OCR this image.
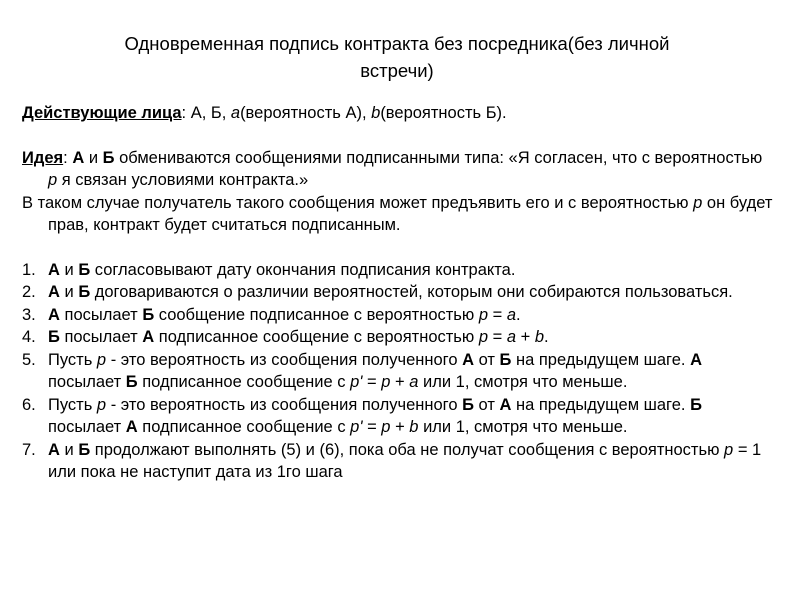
Одновременная подпись контракта без посредника(без личной
встречи)

Действующие лица: А, Б, a(вероятность А), b(вероятность Б).

Идея: А и Б обмениваются сообщениями подписанными типа: «Я согласен, что с вероятностью p я связан условиями контракта.»

В таком случае получатель такого сообщения может предъявить его и с вероятностью p он будет прав, контракт будет считаться подписанным.

1. А и Б согласовывают дату окончания подписания контракта.
2. А и Б договариваются о различии вероятностей, которым они собираются пользоваться.
3. А посылает Б сообщение подписанное с вероятностью p = a.
4. Б посылает А подписанное сообщение с вероятностью p = a + b.
5. Пусть p - это вероятность из сообщения полученного А от Б на предыдущем шаге. А посылает Б подписанное сообщение с p' = p + a или 1, смотря что меньше.
6. Пусть p - это вероятность из сообщения полученного Б от А на предыдущем шаге. Б посылает А подписанное сообщение с p' = p + b или 1, смотря что меньше.
7. А и Б продолжают выполнять (5) и (6), пока оба не получат сообщения с вероятностью p = 1 или пока не наступит дата из 1го шага
